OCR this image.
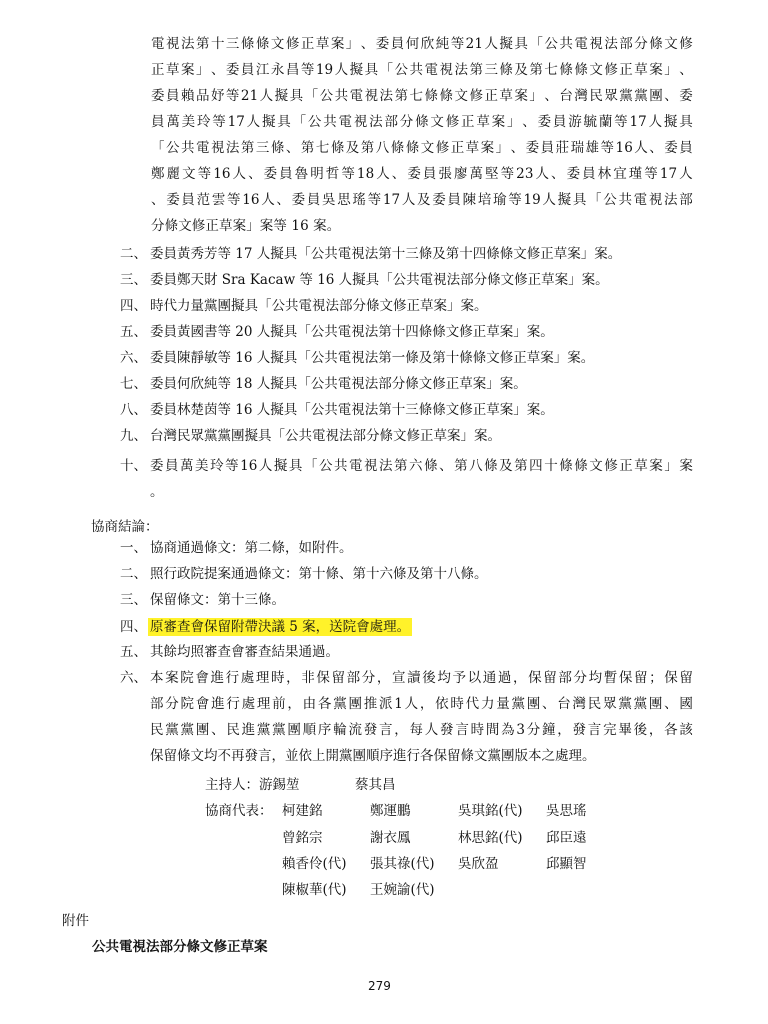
電 視 法 第 十 三 條 條 文 修 正 草 案 」 、 委 員 何 欣 純 等 21 人 擬 具 「 公 共 電 視 法 部 分 條 文 修
正 草 案 」 、 委 員 江 永 昌 等 19 人 擬 具 「 公 共 電 視 法 第 三 條 及 第 七 條 條 文 修 正 草 案 」 、
委 員 賴 品 妤 等 21 人 擬 具 「 公 共 電 視 法 第 七 條 條 文 修 正 草 案 」 、 台 灣 民 眾 黨 黨 團 、 委
員 萬 美 玲 等 17 人 擬 具 「 公 共 電 視 法 部 分 條 文 修 正 草 案 」 、 委 員 游 毓 蘭 等 17 人 擬 具
「 公 共 電 視 法 第 三 條 、 第 七 條 及 第 八 條 條 文 修 正 草 案 」 、 委 員 莊 瑞 雄 等 16 人 、 委 員
鄭 麗 文 等 16 人 、 委 員 魯 明 哲 等 18 人 、 委 員 張 廖 萬 堅 等 23 人 、 委 員 林 宜 瑾 等 17 人
、 委 員 范 雲 等 16 人 、 委 員 吳 思 瑤 等 17 人 及 委 員 陳 培 瑜 等 19 人 擬 具 「 公 共 電 視 法 部
分條文修正草案」案等 16 案。
二、 委員黃秀芳等 17 人擬具「公共電視法第十三條及第十四條條文修正草案」案。
三、 委員鄭天財 Sra Kacaw 等 16 人擬具「公共電視法部分條文修正草案」案。
四、 時代力量黨團擬具「公共電視法部分條文修正草案」案。
五、 委員黃國書等 20 人擬具「公共電視法第十四條條文修正草案」案。
六、 委員陳靜敏等 16 人擬具「公共電視法第一條及第十條條文修正草案」案。
七、 委員何欣純等 18 人擬具「公共電視法部分條文修正草案」案。
八、 委員林楚茵等 16 人擬具「公共電視法第十三條條文修正草案」案。
九、 台灣民眾黨黨團擬具「公共電視法部分條文修正草案」案。
十、 委 員 萬 美 玲 等 16 人 擬 具 「 公 共 電 視 法 第 六 條 、 第 八 條 及 第 四 十 條 條 文 修 正 草 案 」 案
。
協商結論：
一、 協商通過條文：第二條，如附件。
二、 照行政院提案通過條文：第十條、第十六條及第十八條。
三、 保留條文：第十三條。
四、 原審查會保留附帶決議 5 案，送院會處理。
五、 其餘均照審查會審查結果通過。
六、 本 案 院 會 進 行 處 理 時 ， 非 保 留 部 分 ， 宣 讀 後 均 予 以 通 過 ， 保 留 部 分 均 暫 保 留 ； 保 留
部 分 院 會 進 行 處 理 前 ， 由 各 黨 團 推 派 1 人 ， 依 時 代 力 量 黨 團 、 台 灣 民 眾 黨 黨 團 、 國
民 黨 黨 團 、 民 進 黨 黨 團 順 序 輪 流 發 言 ， 每 人 發 言 時 間 為 3 分 鐘 ， 發 言 完 畢 後 ， 各 該
保留條文均不再發言，並依上開黨團順序進行各保留條文黨團版本之處理。
主持人： 游錫堃	蔡其昌
協商代表： 柯建銘	鄭運鵬	吳琪銘(代) 吳思瑤
曾銘宗	謝衣鳳	林思銘(代) 邱臣遠
賴香伶(代) 張其祿(代) 吳欣盈	邱顯智
陳椒華(代) 王婉諭(代)
附件
公共電視法部分條文修正草案
279
